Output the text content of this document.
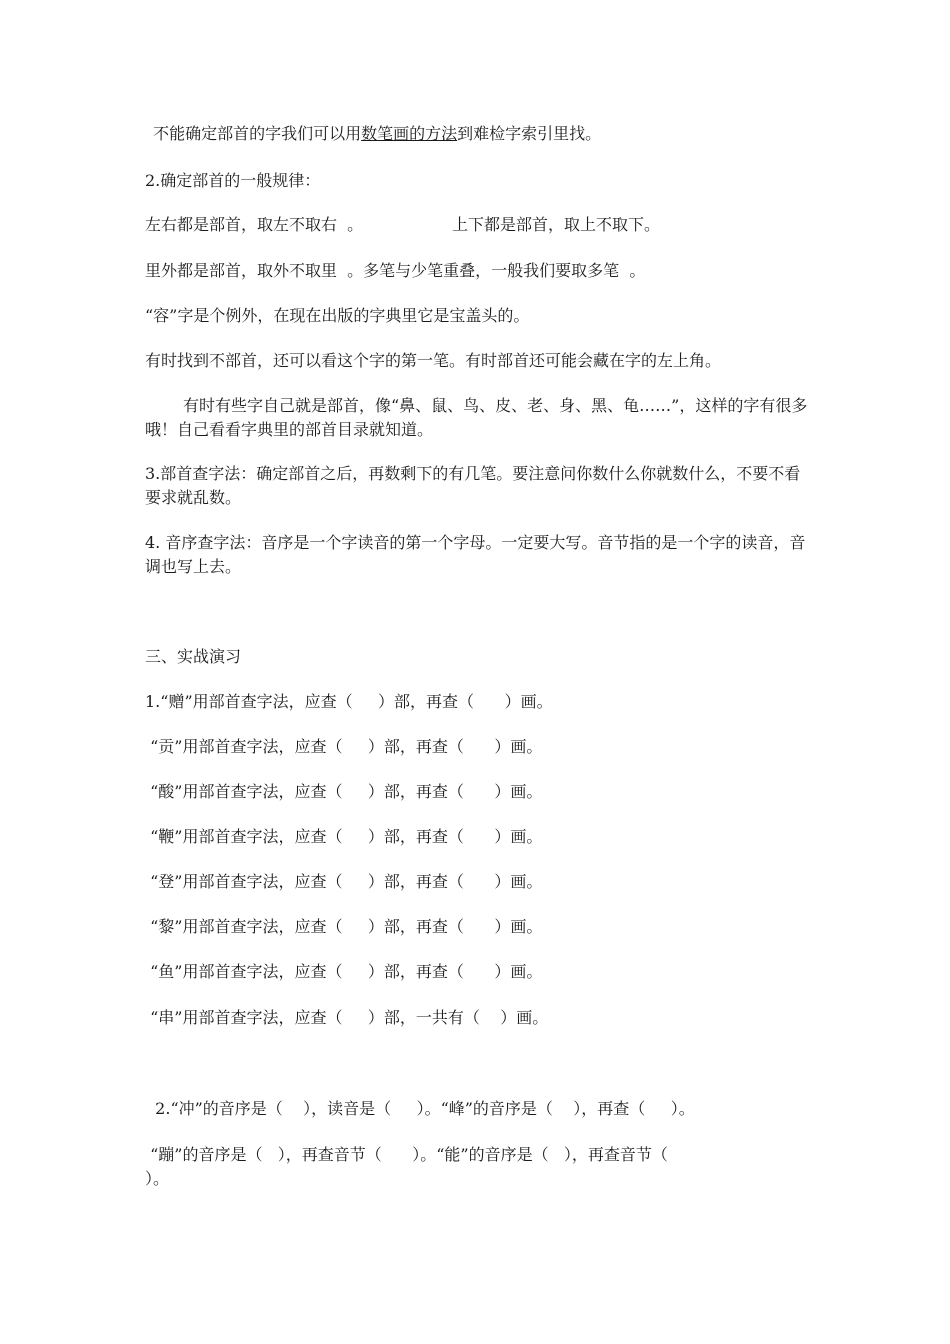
不能确定部首的字我们可以用数笔画的方法到难检字索引里找。
2.确定部首的一般规律：
左右都是部首，取左不取右  。	上下都是部首，取上不取下。
里外都是部首，取外不取里  。多笔与少笔重叠，一般我们要取多笔  。
“容”字是个例外，在现在出版的字典里它是宝盖头的。
有时找到不部首，还可以看这个字的第一笔。有时部首还可能会藏在字的左上角。
有时有些字自己就是部首，像“鼻、鼠、鸟、皮、老、身、黑、龟……”，这样的字有很多哦！自己看看字典里的部首目录就知道。
3.部首查字法：确定部首之后，再数剩下的有几笔。要注意问你数什么你就数什么，不要不看要求就乱数。
4. 音序查字法：音序是一个字读音的第一个字母。一定要大写。音节指的是一个字的读音，音调也写上去。
三、实战演习
1.“赠”用部首查字法，应查（     ）部，再查（      ）画。
“贡”用部首查字法，应查（     ）部，再查（      ）画。
“酸”用部首查字法，应查（     ）部，再查（      ）画。
“鞭”用部首查字法，应查（     ）部，再查（      ）画。
“登”用部首查字法，应查（     ）部，再查（      ）画。
“黎”用部首查字法，应查（     ）部，再查（      ）画。
“鱼”用部首查字法，应查（     ）部，再查（      ）画。
“串”用部首查字法，应查（     ）部，一共有（    ）画。
2.“冲”的音序是（    ），读音是（     ）。“峰”的音序是（    ），再查（     ）。
“蹦”的音序是（   ），再查音节（      ）。“能”的音序是（   ），再查音节（
）。
